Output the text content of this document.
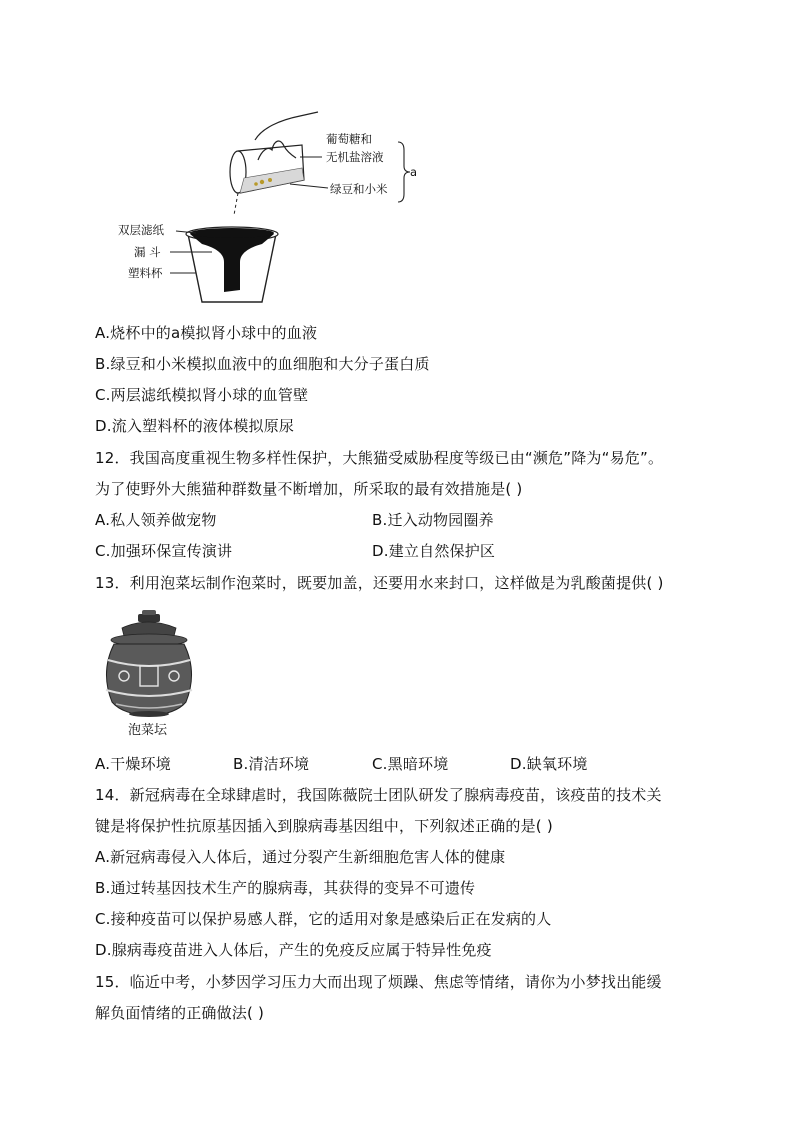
葡萄糖和
无机盐溶液
绿豆和小米
a
双层滤纸
漏 斗
塑料杯
A.烧杯中的a模拟肾小球中的血液
B.绿豆和小米模拟血液中的血细胞和大分子蛋白质
C.两层滤纸模拟肾小球的血管壁
D.流入塑料杯的液体模拟原尿
12．我国高度重视生物多样性保护，大熊猫受威胁程度等级已由“濒危”降为“易危”。
为了使野外大熊猫种群数量不断增加，所采取的最有效措施是( )
A.私人领养做宠物	B.迁入动物园圈养
C.加强环保宣传演讲	D.建立自然保护区
13．利用泡菜坛制作泡菜时，既要加盖，还要用水来封口，这样做是为乳酸菌提供( )
泡菜坛
A.干燥环境	B.清洁环境	C.黑暗环境	D.缺氧环境
14．新冠病毒在全球肆虐时，我国陈薇院士团队研发了腺病毒疫苗，该疫苗的技术关
键是将保护性抗原基因插入到腺病毒基因组中，下列叙述正确的是( )
A.新冠病毒侵入人体后，通过分裂产生新细胞危害人体的健康
B.通过转基因技术生产的腺病毒，其获得的变异不可遗传
C.接种疫苗可以保护易感人群，它的适用对象是感染后正在发病的人
D.腺病毒疫苗进入人体后，产生的免疫反应属于特异性免疫
15．临近中考，小梦因学习压力大而出现了烦躁、焦虑等情绪，请你为小梦找出能缓
解负面情绪的正确做法( )
